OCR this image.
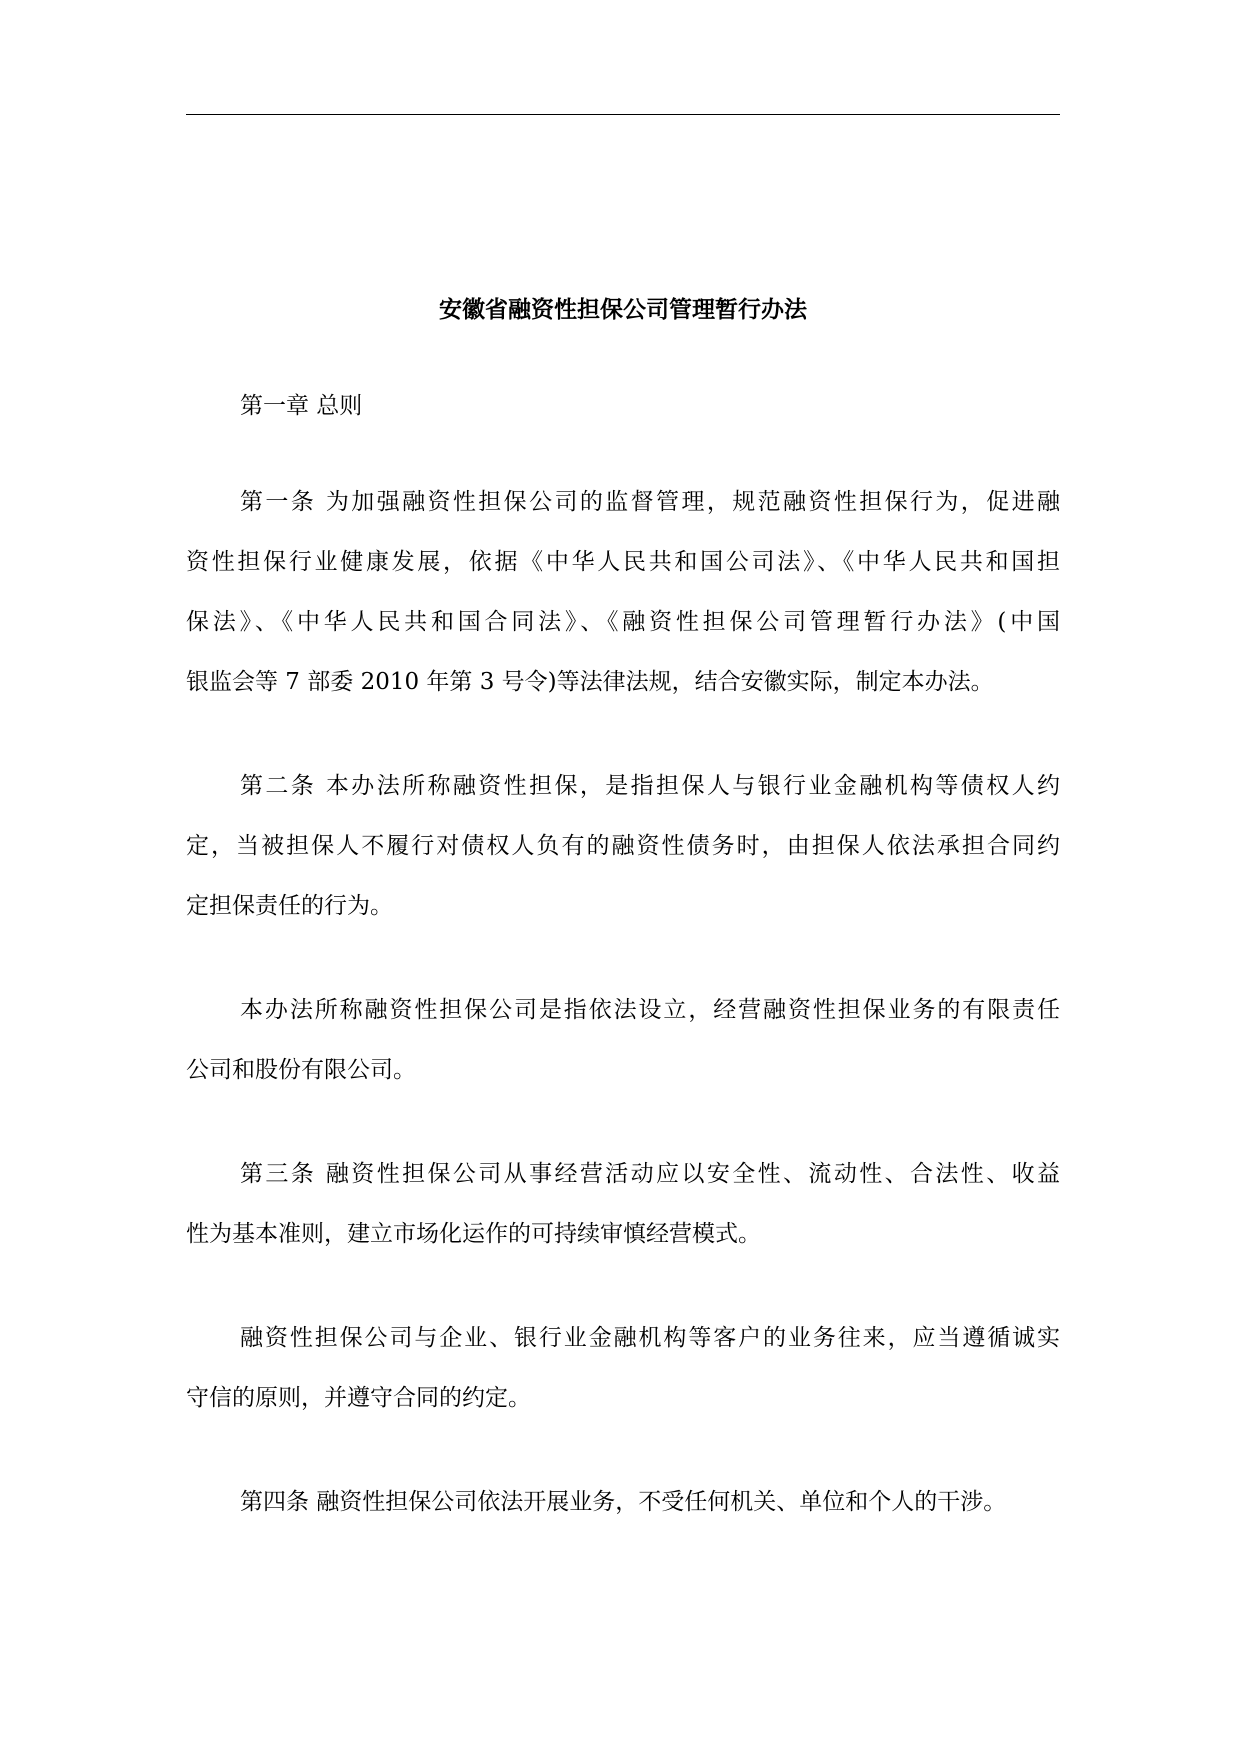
安徽省融资性担保公司管理暂行办法

第一章 总则

第一条 为加强融资性担保公司的监督管理，规范融资性担保行为，促进融
资性担保行业健康发展，依据《中华人民共和国公司法》、《中华人民共和国担
保法》、《中华人民共和国合同法》、《融资性担保公司管理暂行办法》(中国
银监会等 7 部委 2010 年第 3 号令)等法律法规，结合安徽实际，制定本办法。
第二条 本办法所称融资性担保，是指担保人与银行业金融机构等债权人约
定，当被担保人不履行对债权人负有的融资性债务时，由担保人依法承担合同约
定担保责任的行为。
本办法所称融资性担保公司是指依法设立，经营融资性担保业务的有限责任
公司和股份有限公司。
第三条 融资性担保公司从事经营活动应以安全性、流动性、合法性、收益
性为基本准则，建立市场化运作的可持续审慎经营模式。
融资性担保公司与企业、银行业金融机构等客户的业务往来，应当遵循诚实
守信的原则，并遵守合同的约定。
第四条 融资性担保公司依法开展业务，不受任何机关、单位和个人的干涉。
